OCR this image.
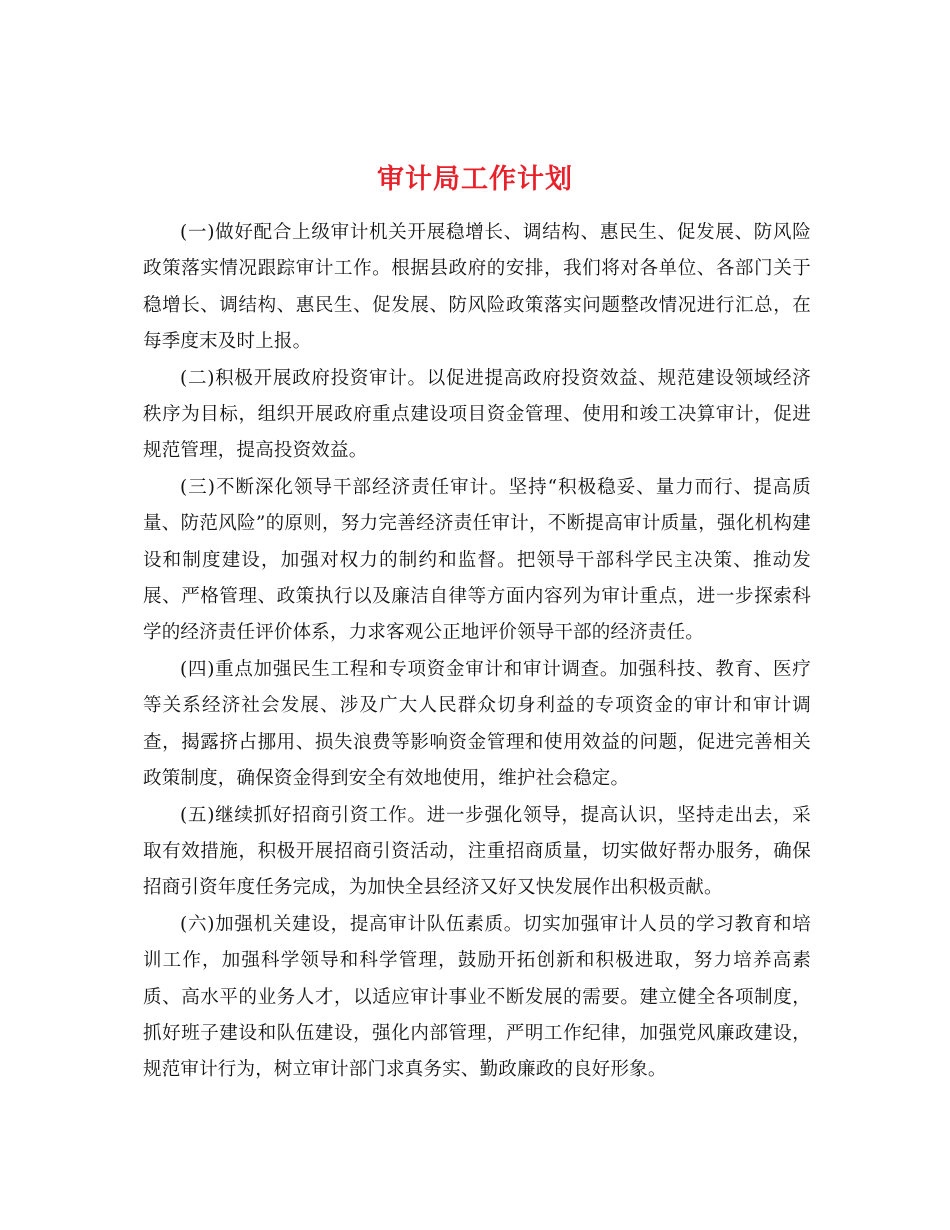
审计局工作计划

(一)做好配合上级审计机关开展稳增长、调结构、惠民生、促发展、防风险政策落实情况跟踪审计工作。根据县政府的安排，我们将对各单位、各部门关于稳增长、调结构、惠民生、促发展、防风险政策落实问题整改情况进行汇总，在每季度末及时上报。

(二)积极开展政府投资审计。以促进提高政府投资效益、规范建设领域经济秩序为目标，组织开展政府重点建设项目资金管理、使用和竣工决算审计，促进规范管理，提高投资效益。

(三)不断深化领导干部经济责任审计。坚持“积极稳妥、量力而行、提高质量、防范风险”的原则，努力完善经济责任审计，不断提高审计质量，强化机构建设和制度建设，加强对权力的制约和监督。把领导干部科学民主决策、推动发展、严格管理、政策执行以及廉洁自律等方面内容列为审计重点，进一步探索科学的经济责任评价体系，力求客观公正地评价领导干部的经济责任。

(四)重点加强民生工程和专项资金审计和审计调查。加强科技、教育、医疗等关系经济社会发展、涉及广大人民群众切身利益的专项资金的审计和审计调查，揭露挤占挪用、损失浪费等影响资金管理和使用效益的问题，促进完善相关政策制度，确保资金得到安全有效地使用，维护社会稳定。

(五)继续抓好招商引资工作。进一步强化领导，提高认识，坚持走出去，采取有效措施，积极开展招商引资活动，注重招商质量，切实做好帮办服务，确保招商引资年度任务完成，为加快全县经济又好又快发展作出积极贡献。

(六)加强机关建设，提高审计队伍素质。切实加强审计人员的学习教育和培训工作，加强科学领导和科学管理，鼓励开拓创新和积极进取，努力培养高素质、高水平的业务人才，以适应审计事业不断发展的需要。建立健全各项制度，抓好班子建设和队伍建设，强化内部管理，严明工作纪律，加强党风廉政建设，规范审计行为，树立审计部门求真务实、勤政廉政的良好形象。
